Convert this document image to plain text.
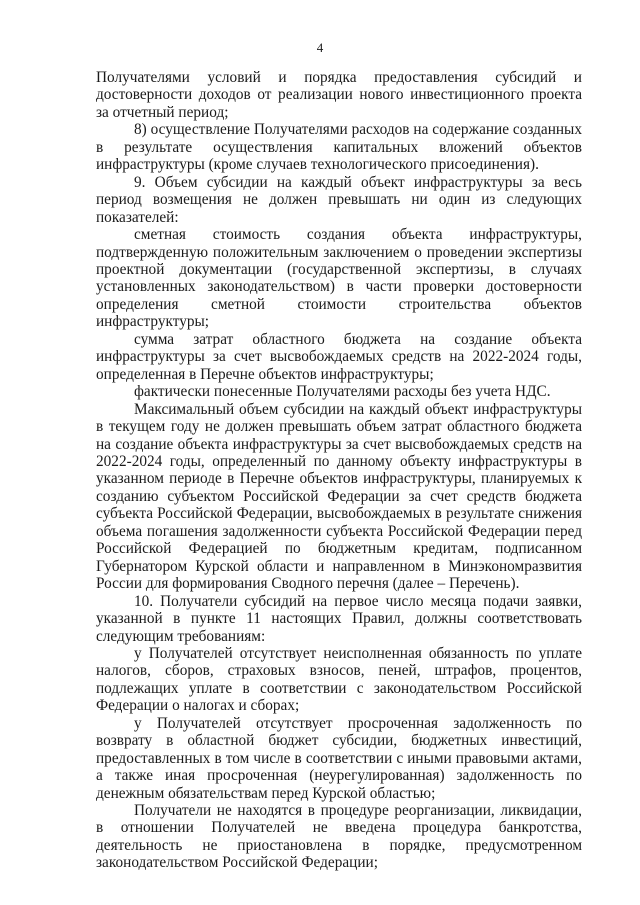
4

Получателями условий и порядка предоставления субсидий и достоверности доходов от реализации нового инвестиционного проекта за отчетный период;

8) осуществление Получателями расходов на содержание созданных в результате осуществления капитальных вложений объектов инфраструктуры (кроме случаев технологического присоединения).

9. Объем субсидии на каждый объект инфраструктуры за весь период возмещения не должен превышать ни один из следующих показателей:

сметная стоимость создания объекта инфраструктуры, подтвержденную положительным заключением о проведении экспертизы проектной документации (государственной экспертизы, в случаях установленных законодательством) в части проверки достоверности определения сметной стоимости строительства объектов инфраструктуры;

сумма затрат областного бюджета на создание объекта инфраструктуры за счет высвобождаемых средств на 2022-2024 годы, определенная в Перечне объектов инфраструктуры;

фактически понесенные Получателями расходы без учета НДС.

Максимальный объем субсидии на каждый объект инфраструктуры в текущем году не должен превышать объем затрат областного бюджета на создание объекта инфраструктуры за счет высвобождаемых средств на 2022-2024 годы, определенный по данному объекту инфраструктуры в указанном периоде в Перечне объектов инфраструктуры, планируемых к созданию субъектом Российской Федерации за счет средств бюджета субъекта Российской Федерации, высвобождаемых в результате снижения объема погашения задолженности субъекта Российской Федерации перед Российской Федерацией по бюджетным кредитам, подписанном Губернатором Курской области и направленном в Минэкономразвития России для формирования Сводного перечня (далее – Перечень).

10. Получатели субсидий на первое число месяца подачи заявки, указанной в пункте 11 настоящих Правил, должны соответствовать следующим требованиям:

у Получателей отсутствует неисполненная обязанность по уплате налогов, сборов, страховых взносов, пеней, штрафов, процентов, подлежащих уплате в соответствии с законодательством Российской Федерации о налогах и сборах;

у Получателей отсутствует просроченная задолженность по возврату в областной бюджет субсидии, бюджетных инвестиций, предоставленных в том числе в соответствии с иными правовыми актами, а также иная просроченная (неурегулированная) задолженность по денежным обязательствам перед Курской областью;

Получатели не находятся в процедуре реорганизации, ликвидации, в отношении Получателей не введена процедура банкротства, деятельность не приостановлена в порядке, предусмотренном законодательством Российской Федерации;
